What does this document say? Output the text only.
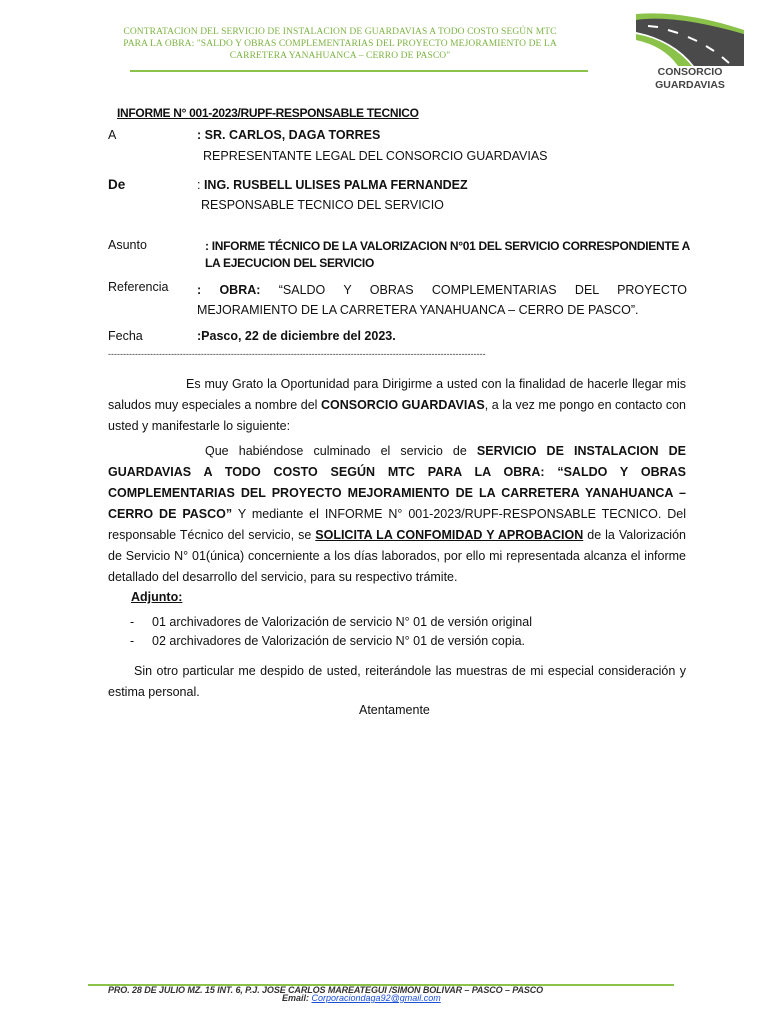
CONTRATACION DEL SERVICIO DE INSTALACION DE GUARDAVIAS A TODO COSTO SEGÚN MTC
PARA LA OBRA: "SALDO Y OBRAS COMPLEMENTARIAS DEL PROYECTO MEJORAMIENTO DE LA
CARRETERA YANAHUANCA – CERRO DE PASCO"
CONSORCIO
GUARDAVIAS
INFORME N° 001-2023/RUPF-RESPONSABLE TECNICO
A	: SR. CARLOS, DAGA TORRES
REPRESENTANTE LEGAL DEL CONSORCIO GUARDAVIAS
De	: ING. RUSBELL ULISES PALMA FERNANDEZ
RESPONSABLE TECNICO DEL SERVICIO
Asunto	: INFORME TÉCNICO DE LA VALORIZACION N°01 DEL SERVICIO CORRESPONDIENTE A LA EJECUCION DEL SERVICIO
Referencia : OBRA: “SALDO Y OBRAS COMPLEMENTARIAS DEL PROYECTO MEJORAMIENTO DE LA CARRETERA YANAHUANCA – CERRO DE PASCO”.
Fecha	:Pasco, 22 de diciembre del 2023.
------------------------------------------------------------------------------------------------------------------------------
Es muy Grato la Oportunidad para Dirigirme a usted con la finalidad de hacerle llegar mis saludos muy especiales a nombre del CONSORCIO GUARDAVIAS, a la vez me pongo en contacto con usted y manifestarle lo siguiente:
Que habiéndose culminado el servicio de SERVICIO DE INSTALACION DE GUARDAVIAS A TODO COSTO SEGÚN MTC PARA LA OBRA: “SALDO Y OBRAS COMPLEMENTARIAS DEL PROYECTO MEJORAMIENTO DE LA CARRETERA YANAHUANCA – CERRO DE PASCO” Y mediante el INFORME N° 001-2023/RUPF-RESPONSABLE TECNICO. Del responsable Técnico del servicio, se SOLICITA LA CONFOMIDAD Y APROBACION de la Valorización de Servicio N° 01(única) concerniente a los días laborados, por ello mi representada alcanza el informe detallado del desarrollo del servicio, para su respectivo trámite.
Adjunto:
- 01 archivadores de Valorización de servicio N° 01 de versión original
- 02 archivadores de Valorización de servicio N° 01 de versión copia.
Sin otro particular me despido de usted, reiterándole las muestras de mi especial consideración y estima personal.
Atentamente
PRO. 28 DE JULIO MZ. 15 INT. 6, P.J. JOSE CARLOS MAREATEGUI /SIMON BOLIVAR – PASCO – PASCO
Email: Corporaciondaga92@gmail.com
